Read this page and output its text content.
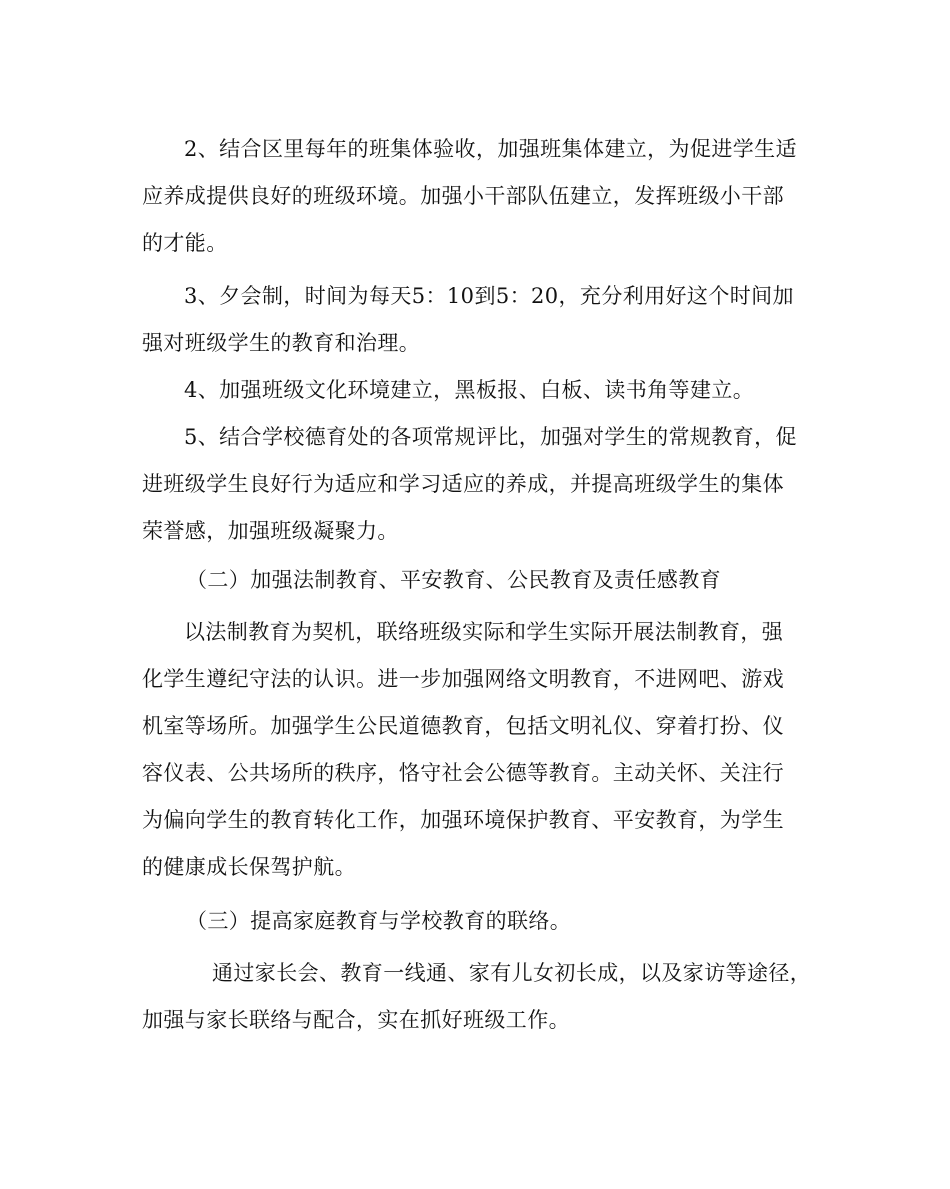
2、结合区里每年的班集体验收，加强班集体建立，为促进学生适
应养成提供良好的班级环境。加强小干部队伍建立，发挥班级小干部
的才能。
3、夕会制，时间为每天5：10到5：20，充分利用好这个时间加
强对班级学生的教育和治理。
4、加强班级文化环境建立，黑板报、白板、读书角等建立。
5、结合学校德育处的各项常规评比，加强对学生的常规教育，促
进班级学生良好行为适应和学习适应的养成，并提高班级学生的集体
荣誉感，加强班级凝聚力。
（二）加强法制教育、平安教育、公民教育及责任感教育
以法制教育为契机，联络班级实际和学生实际开展法制教育，强
化学生遵纪守法的认识。进一步加强网络文明教育，不进网吧、游戏
机室等场所。加强学生公民道德教育，包括文明礼仪、穿着打扮、仪
容仪表、公共场所的秩序，恪守社会公德等教育。主动关怀、关注行
为偏向学生的教育转化工作，加强环境保护教育、平安教育，为学生
的健康成长保驾护航。
（三）提高家庭教育与学校教育的联络。
通过家长会、教育一线通、家有儿女初长成，以及家访等途径，
加强与家长联络与配合，实在抓好班级工作。
